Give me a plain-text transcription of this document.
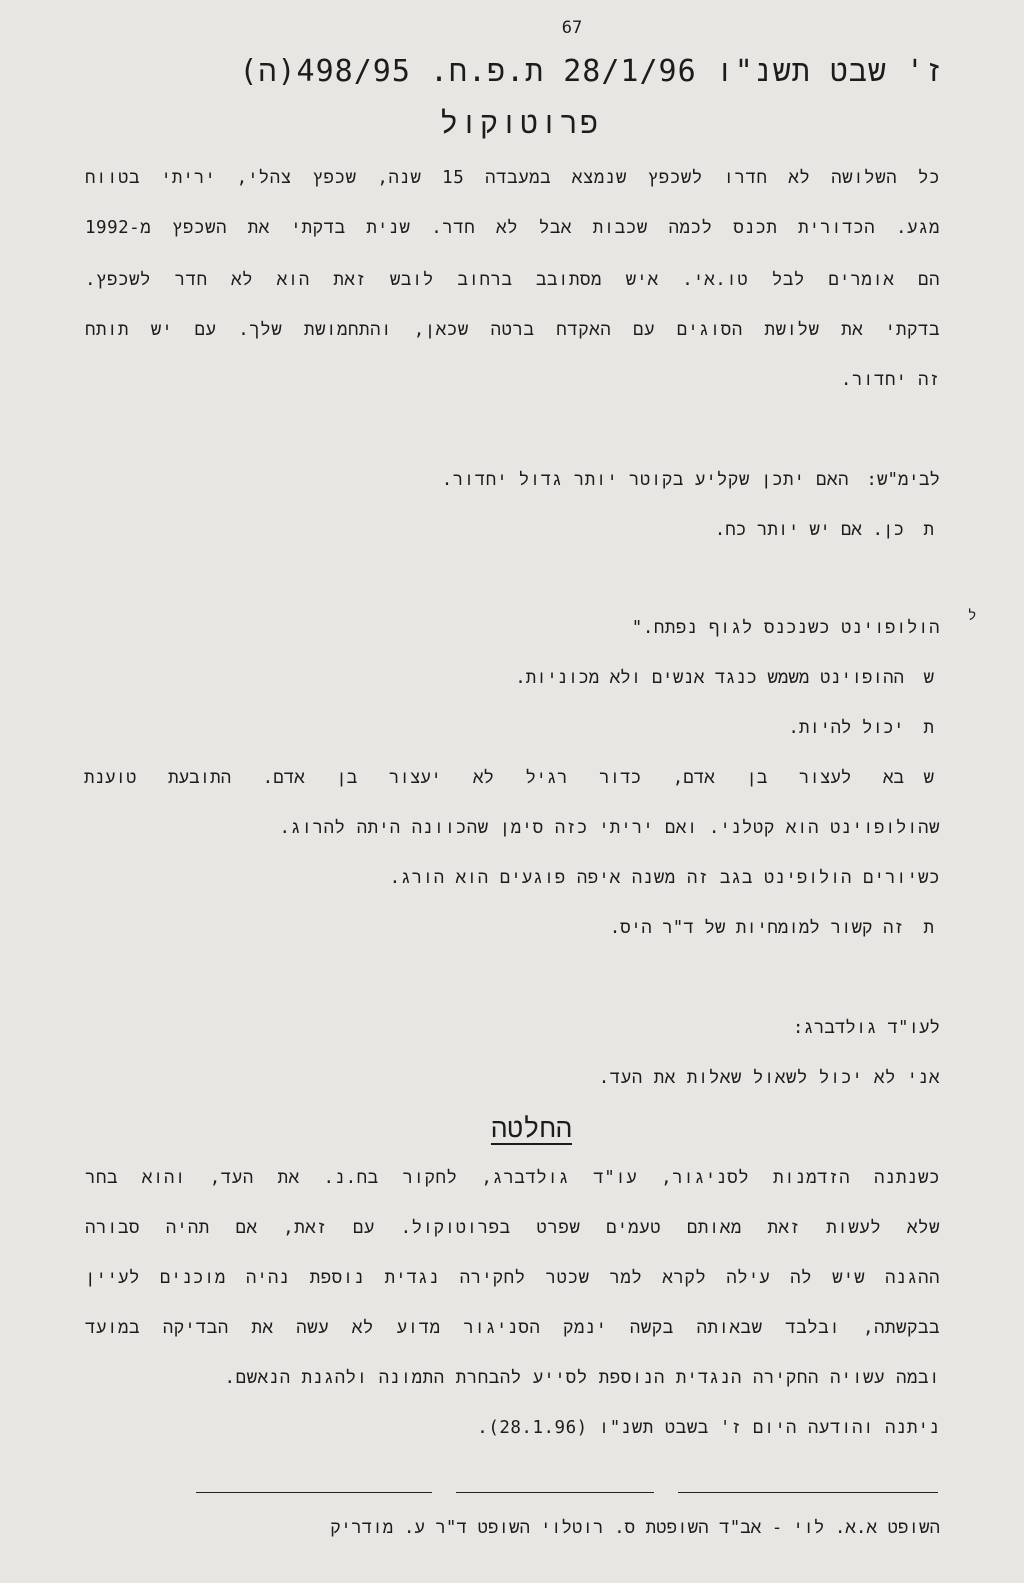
67
ז' שבט תשנ"ו 28/1/96 ת.פ.ח. 498/95(ה)
פרוטוקול
כל השלושה לא חדרו לשכפץ שנמצא במעבדה 15 שנה, שכפץ צהלי, יריתי בטווח
מגע. הכדורית תכנס לכמה שכבות אבל לא חדר. שנית בדקתי את השכפץ מ-1992
הם אומרים לבל טו.אי. איש מסתובב ברחוב לובש זאת הוא לא חדר לשכפץ.
בדקתי את שלושת הסוגים עם האקדח ברטה שכאן, והתחמושת שלך. עם יש תותח
זה יחדור.
לבימ"ש:
האם יתכן שקליע בקוטר יותר גדול יחדור.
ת
כן. אם יש יותר כח.
ל
הולופוינט כשנכנס לגוף נפתח."
ש
ההופוינט משמש כנגד אנשים ולא מכוניות.
ת
יכול להיות.
ש
בא לעצור בן אדם, כדור רגיל לא יעצור בן אדם. התובעת טוענת
שהולופוינט הוא קטלני. ואם יריתי כזה סימן שהכוונה היתה להרוג.
כשיורים הולופינט בגב זה משנה איפה פוגעים הוא הורג.
ת
זה קשור למומחיות של ד"ר היס.
לעו"ד גולדברג:
אני לא יכול לשאול שאלות את העד.
החלטה
כשנתנה הזדמנות לסניגור, עו"ד גולדברג, לחקור בח.נ. את העד, והוא בחר
שלא לעשות זאת מאותם טעמים שפרט בפרוטוקול. עם זאת, אם תהיה סבורה
ההגנה שיש לה עילה לקרא למר שכטר לחקירה נגדית נוספת נהיה מוכנים לעיין
בבקשתה, ובלבד שבאותה בקשה ינמק הסניגור מדוע לא עשה את הבדיקה במועד
ובמה עשויה החקירה הנגדית הנוספת לסייע להבחרת התמונה ולהגנת הנאשם.
ניתנה והודעה היום ז' בשבט תשנ"ו (28.1.96).
השופט א.א. לוי - אב"ד השופטת ס. רוטלוי השופט ד"ר ע. מודריק
